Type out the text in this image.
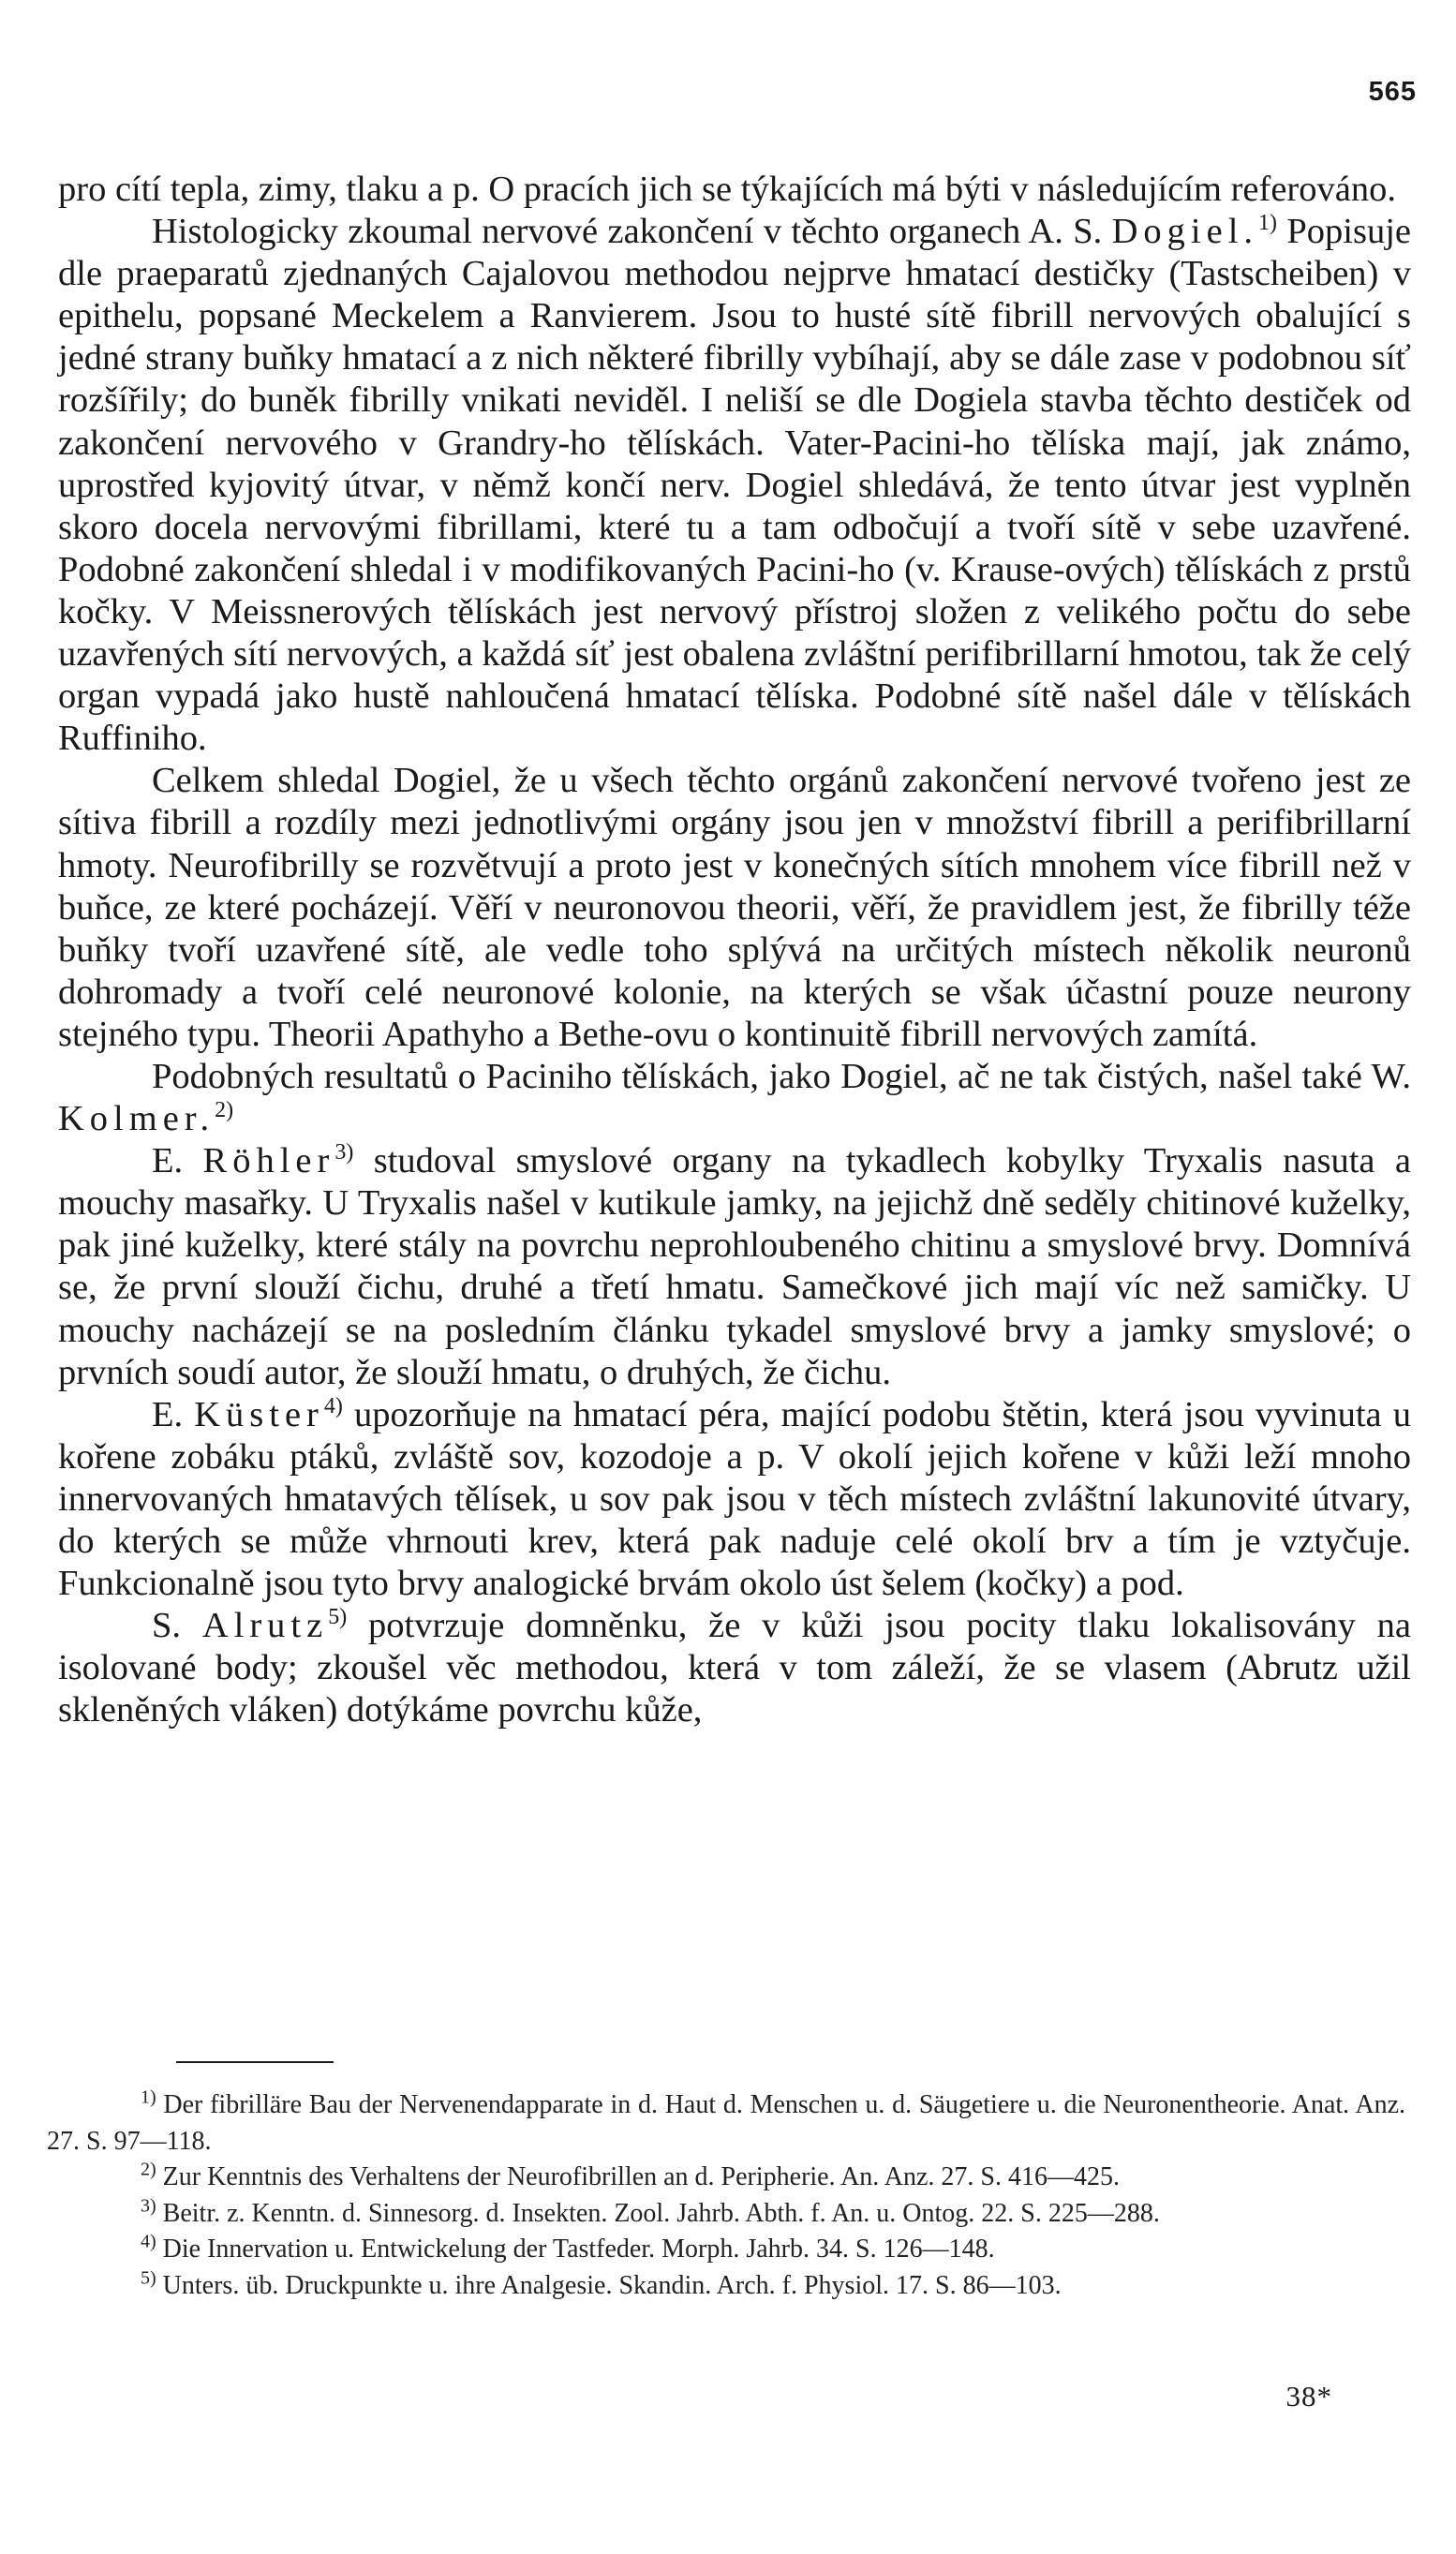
565

pro cítí tepla, zimy, tlaku a p. O pracích jich se týkajících má býti v následujícím referováno.

Histologicky zkoumal nervové zakončení v těchto organech A. S. Dogiel.$^{1)}$ Popisuje dle praeparatů zjednaných Cajalovou methodou nejprve hmatací destičky (Tastscheiben) v epithelu, popsané Meckelem a Ranvierem. Jsou to husté sítě fibrill nervových obalující s jedné strany buňky hmatací a z nich některé fibrilly vybíhají, aby se dále zase v podobnou síť rozšířily; do buněk fibrilly vnikati neviděl. I neliší se dle Dogiela stavba těchto destiček od zakončení nervového v Grandry-ho tělískách. Vater-Pacini-ho tělíska mají, jak známo, uprostřed kyjovitý útvar, v němž končí nerv. Dogiel shledává, že tento útvar jest vyplněn skoro docela nervovými fibrillami, které tu a tam odbočují a tvoří sítě v sebe uzavřené. Podobné zakončení shledal i v modifikovaných Pacini-ho (v. Krause-ových) tělískách z prstů kočky. V Meissnerových tělískách jest nervový přístroj složen z velikého počtu do sebe uzavřených sítí nervových, a každá síť jest obalena zvláštní perifibrillarní hmotou, tak že celý organ vypadá jako hustě nahloučená hmatací tělíska. Podobné sítě našel dále v tělískách Ruffiniho.

Celkem shledal Dogiel, že u všech těchto orgánů zakončení nervové tvořeno jest ze sítiva fibrill a rozdíly mezi jednotlivými orgány jsou jen v množství fibrill a perifibrillarní hmoty. Neurofibrilly se rozvětvují a proto jest v konečných sítích mnohem více fibrill než v buňce, ze které pocházejí. Věří v neuronovou theorii, věří, že pravidlem jest, že fibrilly téže buňky tvoří uzavřené sítě, ale vedle toho splývá na určitých místech několik neuronů dohromady a tvoří celé neuronové kolonie, na kterých se však účastní pouze neurony stejného typu. Theorii Apathyho a Bethe-ovu o kontinuitě fibrill nervových zamítá.

Podobných resultatů o Paciniho tělískách, jako Dogiel, ač ne tak čistých, našel také W. Kolmer.$^{2)}$

E. Röhler$^{3)}$ studoval smyslové organy na tykadlech kobylky Tryxalis nasuta a mouchy masařky. U Tryxalis našel v kutikule jamky, na jejichž dně seděly chitinové kuželky, pak jiné kuželky, které stály na povrchu neprohloubeného chitinu a smyslové brvy. Domnívá se, že první slouží čichu, druhé a třetí hmatu. Samečkové jich mají víc než samičky. U mouchy nacházejí se na posledním článku tykadel smyslové brvy a jamky smyslové; o prvních soudí autor, že slouží hmatu, o druhých, že čichu.

E. Küster$^{4)}$ upozorňuje na hmatací péra, mající podobu štětin, která jsou vyvinuta u kořene zobáku ptáků, zvláště sov, kozodoje a p. V okolí jejich kořene v kůži leží mnoho innervovaných hmatavých tělísek, u sov pak jsou v těch místech zvláštní lakunovité útvary, do kterých se může vhrnouti krev, která pak naduje celé okolí brv a tím je vztyčuje. Funkcionalně jsou tyto brvy analogické brvám okolo úst šelem (kočky) a pod.

S. Alrutz$^{5)}$ potvrzuje domněnku, že v kůži jsou pocity tlaku lokalisovány na isolované body; zkoušel věc methodou, která v tom záleží, že se vlasem (Abrutz užil skleněných vláken) dotýkáme povrchu kůže,

$^{1)}$ Der fibrilläre Bau der Nervenendapparate in d. Haut d. Menschen u. d. Säugetiere u. die Neuronentheorie. Anat. Anz. 27. S. 97—118.

$^{2)}$ Zur Kenntnis des Verhaltens der Neurofibrillen an d. Peripherie. An. Anz. 27. S. 416—425.

$^{3)}$ Beitr. z. Kenntn. d. Sinnesorg. d. Insekten. Zool. Jahrb. Abth. f. An. u. Ontog. 22. S. 225—288.

$^{4)}$ Die Innervation u. Entwickelung der Tastfeder. Morph. Jahrb. 34. S. 126—148.

$^{5)}$ Unters. üb. Druckpunkte u. ihre Analgesie. Skandin. Arch. f. Physiol. 17. S. 86—103.

38*
